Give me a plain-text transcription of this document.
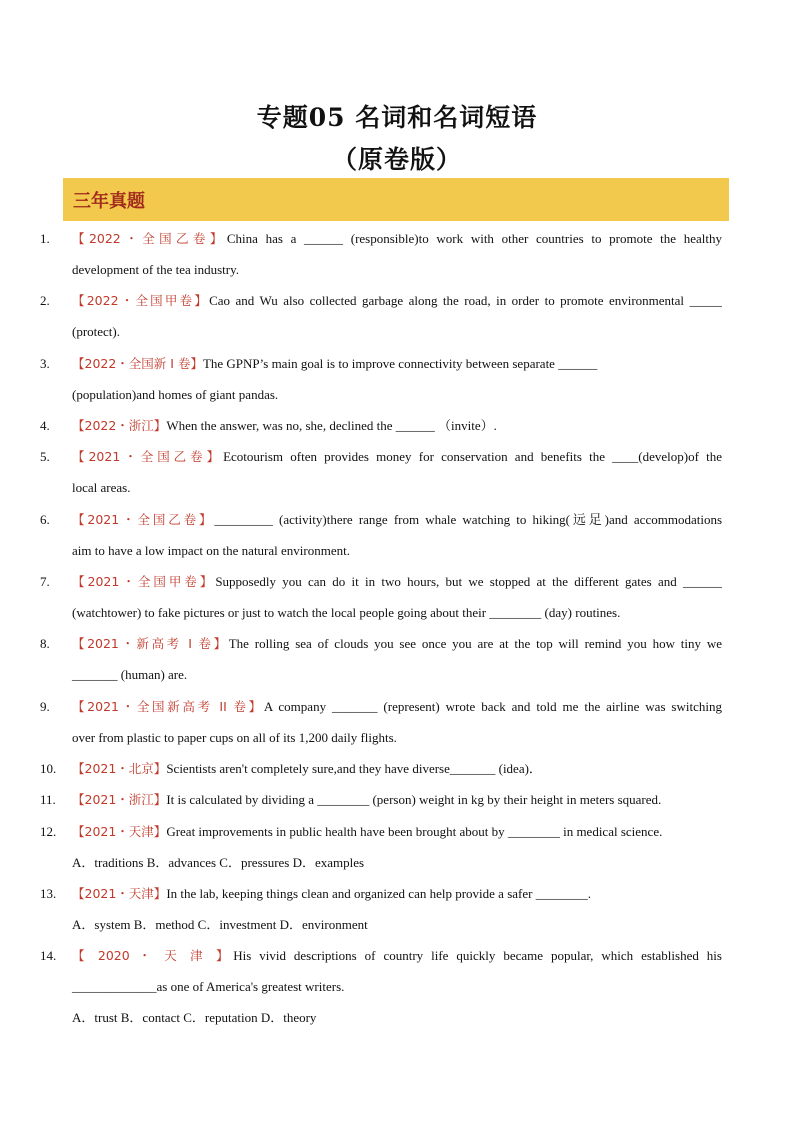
专题05 名词和名词短语
（原卷版）
三年真题
1. 【2022・全国乙卷】China has a ______ (responsible)to work with other countries to promote the healthy
development of the tea industry.
2. 【2022・全国甲卷】Cao and Wu also collected garbage along the road, in order to promote environmental _____
(protect).
3. 【2022・全国新 I 卷】The GPNP’s main goal is to improve connectivity between separate ______
(population)and homes of giant pandas.
4. 【2022・浙江】When the answer, was no, she, declined the ______ （invite）.
5. 【2021・全国乙卷】Ecotourism often provides money for conservation and benefits the ____(develop)of the
local areas.
6. 【2021・全国乙卷】_________ (activity)there range from whale watching to hiking(远足)and accommodations
aim to have a low impact on the natural environment.
7. 【2021・全国甲卷】Supposedly you can do it in two hours, but we stopped at the different gates and ______
(watchtower) to fake pictures or just to watch the local people going about their ________ (day) routines.
8. 【2021・新高考 I 卷】The rolling sea of clouds you see once you are at the top will remind you how tiny we
_______ (human) are.
9. 【2021・全国新高考 II 卷】A company _______ (represent) wrote back and told me the airline was switching
over from plastic to paper cups on all of its 1,200 daily flights.
10. 【2021・北京】Scientists aren't completely sure,and they have diverse_______ (idea)．
11. 【2021・浙江】It is calculated by dividing a ________ (person) weight in kg by their height in meters squared.
12. 【2021・天津】Great improvements in public health have been brought about by ________ in medical science.
A．traditions B．advances C．pressures D．examples
13. 【2021・天津】In the lab, keeping things clean and organized can help provide a safer ________.
A．system B．method C．investment D．environment
14. 【 2020 ・ 天 津 】His vivid descriptions of country life quickly became popular, which established his
_____________as one of America's greatest writers.
A．trust B．contact C．reputation D．theory
